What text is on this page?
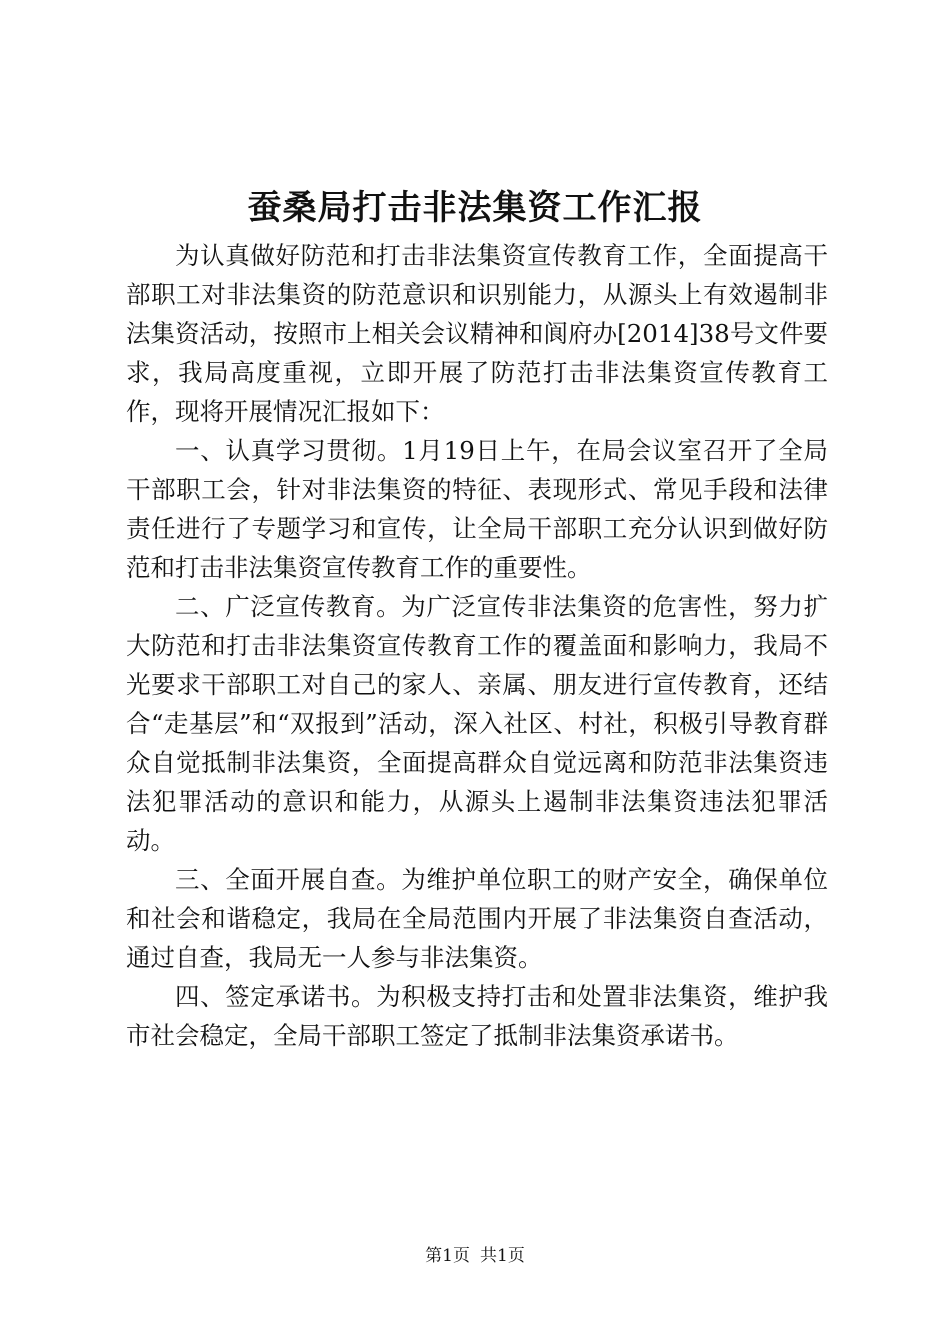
蚕桑局打击非法集资工作汇报

为认真做好防范和打击非法集资宣传教育工作，全面提高干部职工对非法集资的防范意识和识别能力，从源头上有效遏制非法集资活动，按照市上相关会议精神和阆府办[2014]38号文件要求，我局高度重视，立即开展了防范打击非法集资宣传教育工作，现将开展情况汇报如下：

一、认真学习贯彻。1月19日上午，在局会议室召开了全局干部职工会，针对非法集资的特征、表现形式、常见手段和法律责任进行了专题学习和宣传，让全局干部职工充分认识到做好防范和打击非法集资宣传教育工作的重要性。

二、广泛宣传教育。为广泛宣传非法集资的危害性，努力扩大防范和打击非法集资宣传教育工作的覆盖面和影响力，我局不光要求干部职工对自己的家人、亲属、朋友进行宣传教育，还结合“走基层”和“双报到”活动，深入社区、村社，积极引导教育群众自觉抵制非法集资，全面提高群众自觉远离和防范非法集资违法犯罪活动的意识和能力，从源头上遏制非法集资违法犯罪活动。

三、全面开展自查。为维护单位职工的财产安全，确保单位和社会和谐稳定，我局在全局范围内开展了非法集资自查活动，通过自查，我局无一人参与非法集资。

四、签定承诺书。为积极支持打击和处置非法集资，维护我市社会稳定，全局干部职工签定了抵制非法集资承诺书。

第1页 共1页
